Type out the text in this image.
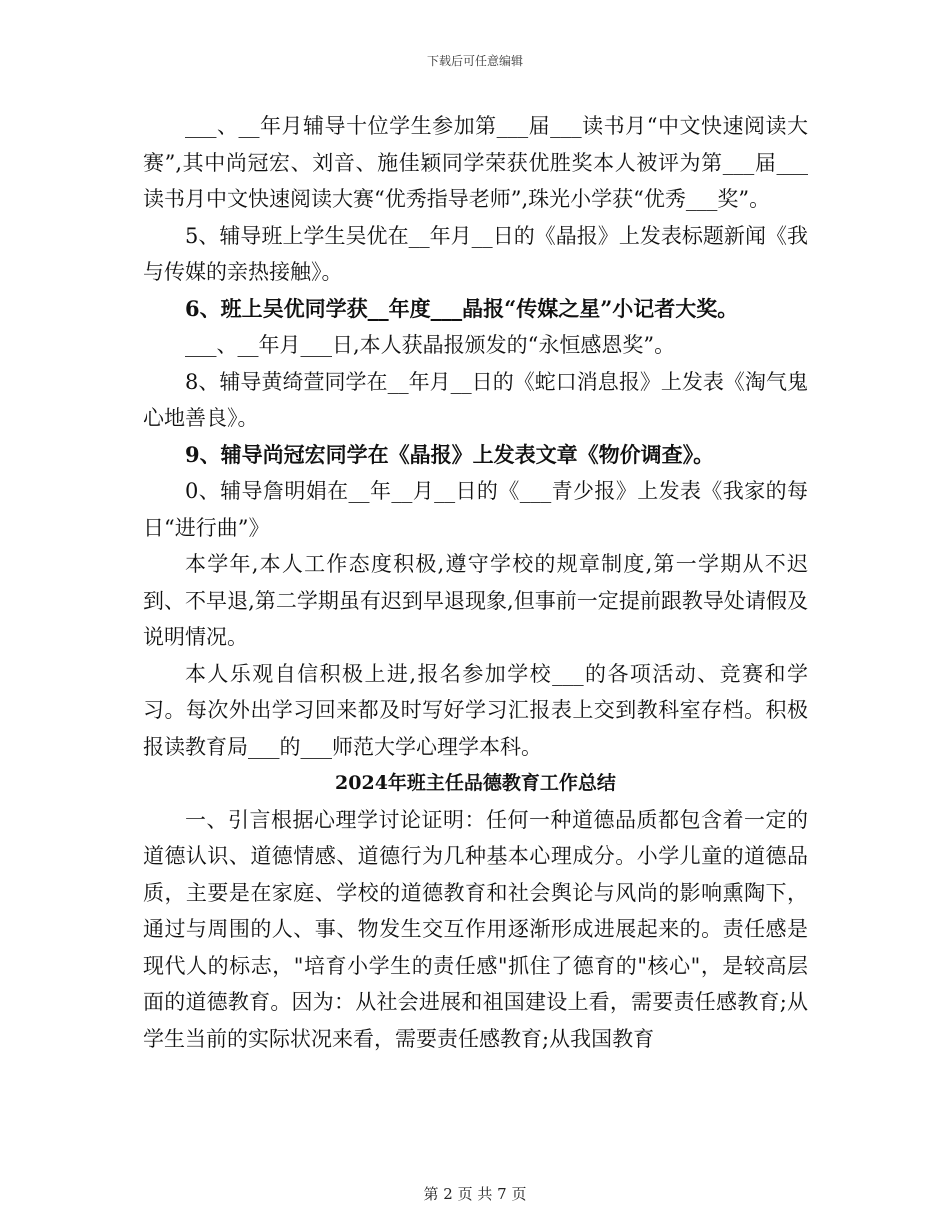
下载后可任意编辑

___、__年月辅导十位学生参加第___届___读书月“中文快速阅读大赛”,其中尚冠宏、刘音、施佳颖同学荣获优胜奖本人被评为第___届___读书月中文快速阅读大赛“优秀指导老师”,珠光小学获“优秀___奖”。

5、辅导班上学生吴优在__年月__日的《晶报》上发表标题新闻《我与传媒的亲热接触》。

6、班上吴优同学获__年度___晶报“传媒之星”小记者大奖。

___、__年月___日,本人获晶报颁发的“永恒感恩奖”。

8、辅导黄绮萱同学在__年月__日的《蛇口消息报》上发表《淘气鬼心地善良》。

9、辅导尚冠宏同学在《晶报》上发表文章《物价调查》。

0、辅导詹明娟在__年__月__日的《___青少报》上发表《我家的每日“进行曲”》

本学年,本人工作态度积极,遵守学校的规章制度,第一学期从不迟到、不早退,第二学期虽有迟到早退现象,但事前一定提前跟教导处请假及说明情况。

本人乐观自信积极上进,报名参加学校___的各项活动、竞赛和学习。每次外出学习回来都及时写好学习汇报表上交到教科室存档。积极报读教育局___的___师范大学心理学本科。

2024年班主任品德教育工作总结

一、引言根据心理学讨论证明：任何一种道德品质都包含着一定的道德认识、道德情感、道德行为几种基本心理成分。小学儿童的道德品质，主要是在家庭、学校的道德教育和社会舆论与风尚的影响熏陶下，通过与周围的人、事、物发生交互作用逐渐形成进展起来的。责任感是现代人的标志，"培育小学生的责任感"抓住了德育的"核心"，是较高层面的道德教育。因为：从社会进展和祖国建设上看，需要责任感教育;从学生当前的实际状况来看，需要责任感教育;从我国教育

第 2 页 共 7 页
